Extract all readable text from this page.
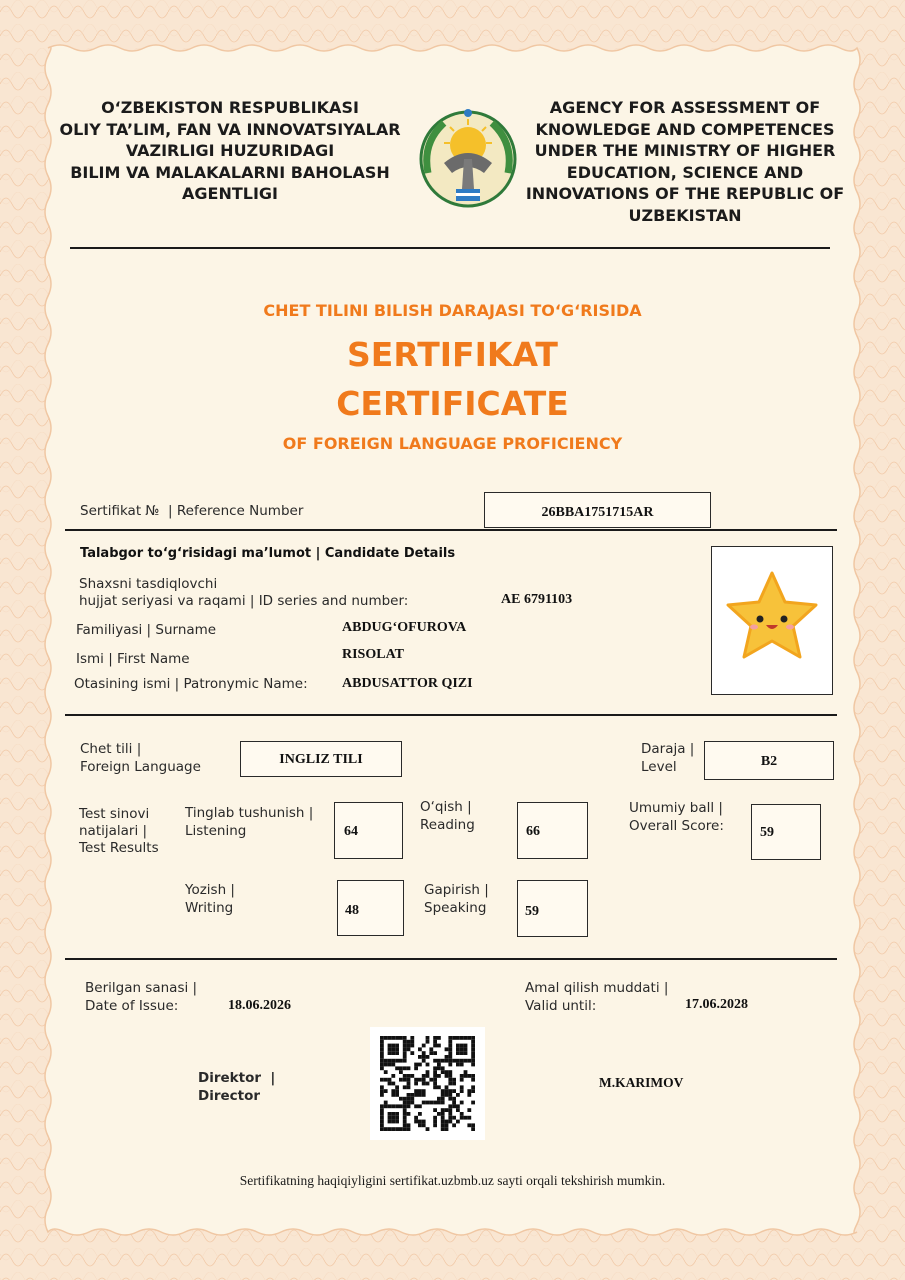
O‘ZBEKISTON RESPUBLIKASI
OLIY TA’LIM, FAN VA INNOVATSIYALAR
VAZIRLIGI HUZURIDAGI
BILIM VA MALAKALARNI BAHOLASH
AGENTLIGI
AGENCY FOR ASSESSMENT OF
KNOWLEDGE AND COMPETENCES
UNDER THE MINISTRY OF HIGHER
EDUCATION, SCIENCE AND
INNOVATIONS OF THE REPUBLIC OF
UZBEKISTAN
CHET TILINI BILISH DARAJASI TO‘G‘RISIDA
SERTIFIKAT
CERTIFICATE
OF FOREIGN LANGUAGE PROFICIENCY
Sertifikat №  | Reference Number	26BBA1751715AR
Talabgor to‘g‘risidagi ma’lumot | Candidate Details
Shaxsni tasdiqlovchi
hujjat seriyasi va raqami | ID series and number:	AE 6791103
Familiyasi | Surname	ABDUG‘OFUROVA
Ismi | First Name	RISOLAT
Otasining ismi | Patronymic Name: ABDUSATTOR QIZI
Chet tili |
Foreign Language	INGLIZ TILI
Daraja |
Level	B2
Test sinovi
natijalari |
Test Results
Tinglab tushunish |
Listening	64
O‘qish |
Reading	66
Umumiy ball |
Overall Score:	59
Yozish |
Writing	48
Gapirish |
Speaking	59
Berilgan sanasi |
Date of Issue:	18.06.2026
Amal qilish muddati |
Valid until:	17.06.2028
Direktor  |
Director
M.KARIMOV
Sertifikatning haqiqiyligini sertifikat.uzbmb.uz sayti orqali tekshirish mumkin.
